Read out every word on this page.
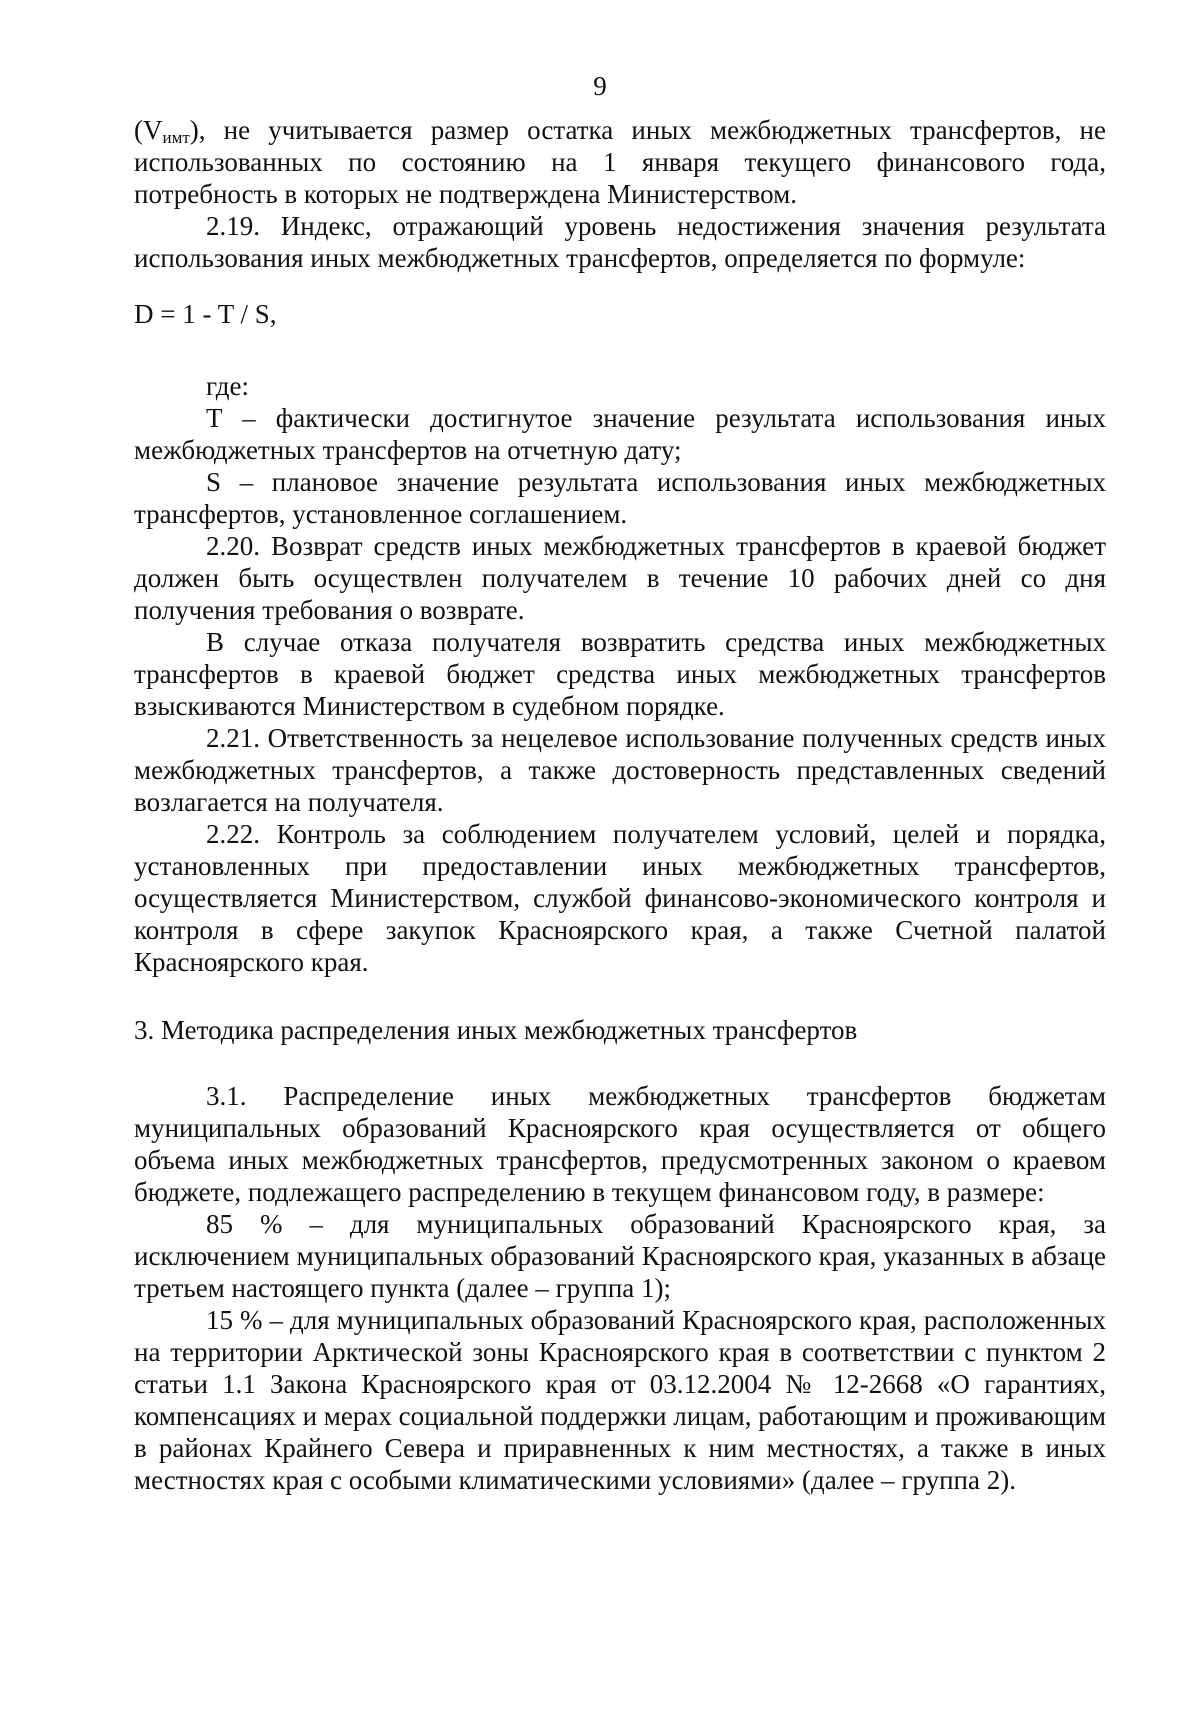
9

$(V_{имт})$, не учитывается размер остатка иных межбюджетных трансфертов, не использованных по состоянию на 1 января текущего финансового года, потребность в которых не подтверждена Министерством.

2.19. Индекс, отражающий уровень недостижения значения результата использования иных межбюджетных трансфертов, определяется по формуле:

D = 1 - T / S,

где:

T – фактически достигнутое значение результата использования иных межбюджетных трансфертов на отчетную дату;

S – плановое значение результата использования иных межбюджетных трансфертов, установленное соглашением.

2.20. Возврат средств иных межбюджетных трансфертов в краевой бюджет должен быть осуществлен получателем в течение 10 рабочих дней со дня получения требования о возврате.

В случае отказа получателя возвратить средства иных межбюджетных трансфертов в краевой бюджет средства иных межбюджетных трансфертов взыскиваются Министерством в судебном порядке.

2.21. Ответственность за нецелевое использование полученных средств иных межбюджетных трансфертов, а также достоверность представленных сведений возлагается на получателя.

2.22. Контроль за соблюдением получателем условий, целей и порядка, установленных при предоставлении иных межбюджетных трансфертов, осуществляется Министерством, службой финансово-экономического контроля и контроля в сфере закупок Красноярского края, а также Счетной палатой Красноярского края.

3. Методика распределения иных межбюджетных трансфертов

3.1. Распределение иных межбюджетных трансфертов бюджетам муниципальных образований Красноярского края осуществляется от общего объема иных межбюджетных трансфертов, предусмотренных законом о краевом бюджете, подлежащего распределению в текущем финансовом году, в размере:

85 % – для муниципальных образований Красноярского края, за исключением муниципальных образований Красноярского края, указанных в абзаце третьем настоящего пункта (далее – группа 1);

15 % – для муниципальных образований Красноярского края, расположенных на территории Арктической зоны Красноярского края в соответствии с пунктом 2 статьи 1.1 Закона Красноярского края от 03.12.2004 № 12-2668 «О гарантиях, компенсациях и мерах социальной поддержки лицам, работающим и проживающим в районах Крайнего Севера и приравненных к ним местностях, а также в иных местностях края с особыми климатическими условиями» (далее – группа 2).
